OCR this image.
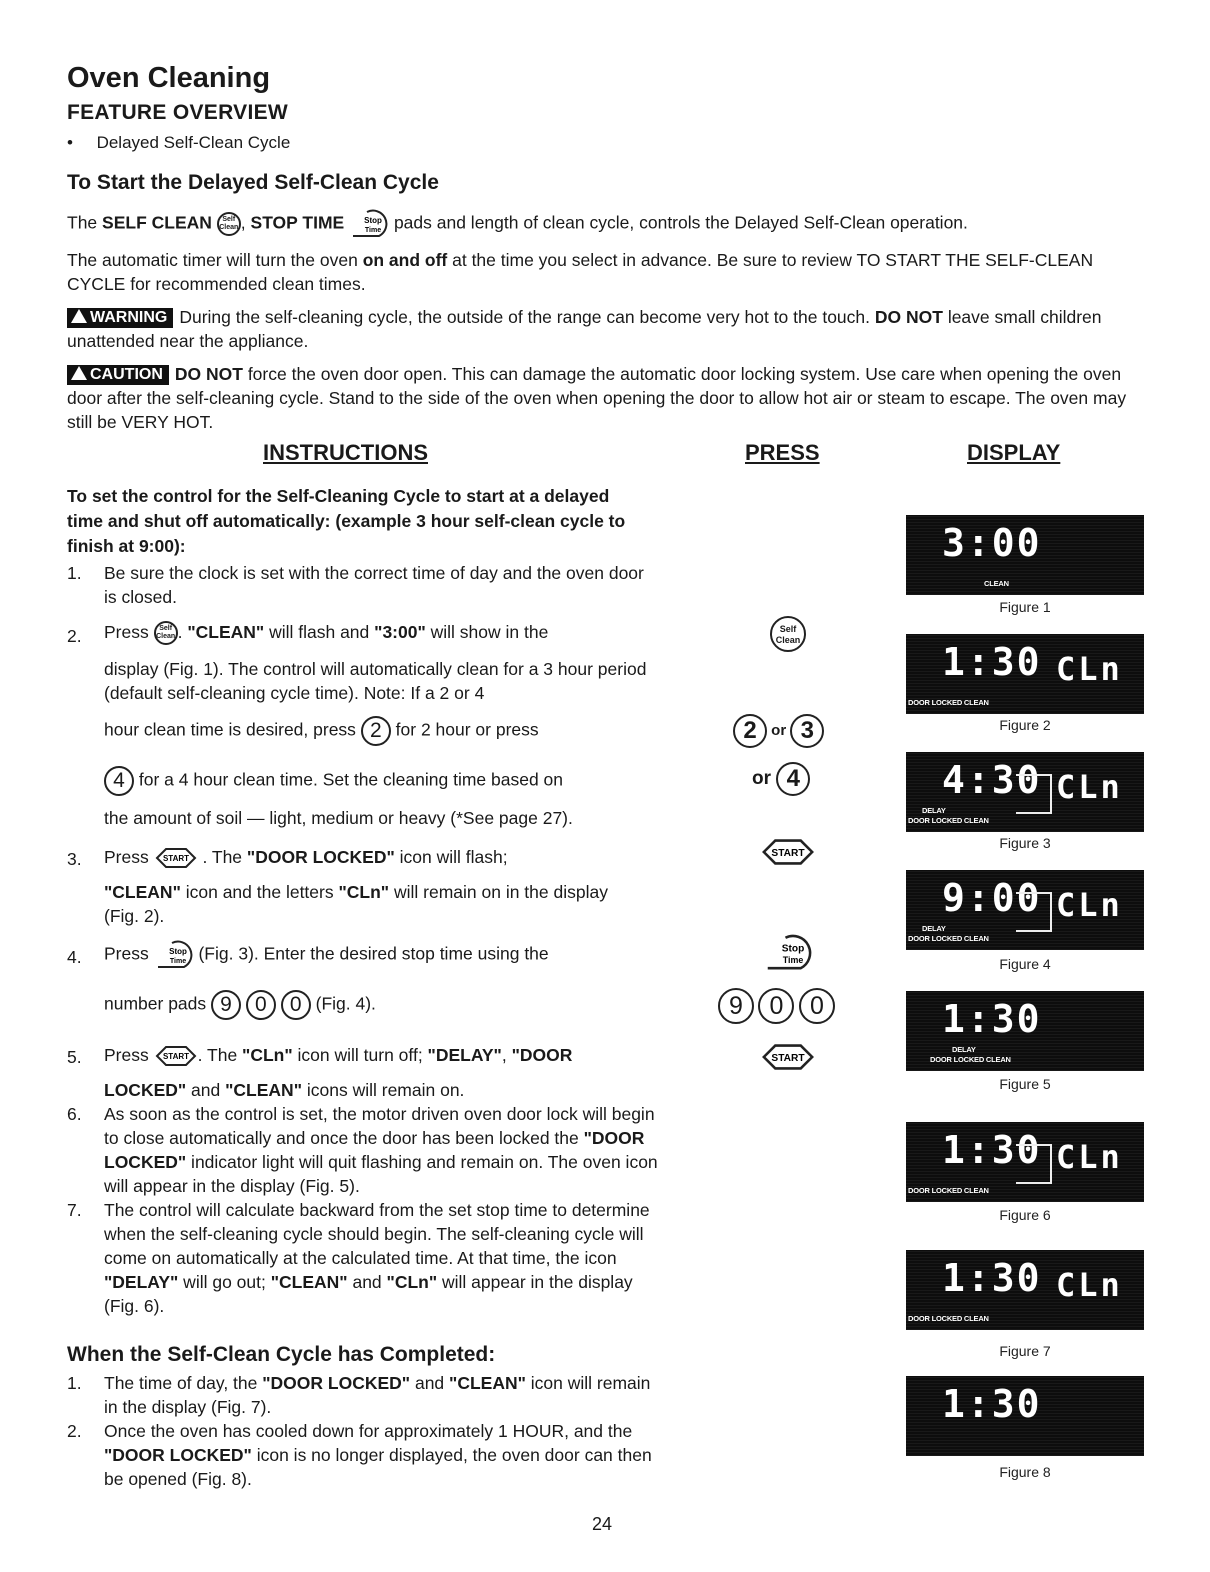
Oven Cleaning
FEATURE OVERVIEW
•     Delayed Self-Clean Cycle
To Start the Delayed Self-Clean Cycle
The SELF CLEAN Self
Clean , STOP TIME Stop
Time pads and length of clean cycle, controls the Delayed Self-Clean operation.
The automatic timer will turn the oven on and off at the time you select in advance. Be sure to review TO START THE SELF-CLEAN CYCLE for recommended clean times.
WARNING During the self-cleaning cycle, the outside of the range can become very hot to the touch. DO NOT leave small children unattended near the appliance.
CAUTION DO NOT force the oven door open. This can damage the automatic door locking system. Use care when opening the oven door after the self-cleaning cycle. Stand to the side of the oven when opening the door to allow hot air or steam to escape. The oven may still be VERY HOT.
INSTRUCTIONS	PRESS	DISPLAY
To set the control for the Self-Cleaning Cycle to start at a delayed time and shut off automatically: (example 3 hour self-clean cycle to finish at 9:00):
1. Be sure the clock is set with the correct time of day and the oven door is closed.
2. Press Self
Clean . "CLEAN" will flash and "3:00" will show in the
display (Fig. 1). The control will automatically clean for a 3 hour period (default self-cleaning cycle time). Note: If a 2 or 4
hour clean time is desired, press 2 for 2 hour or press
4 for a 4 hour clean time. Set the cleaning time based on
the amount of soil — light, medium or heavy (*See page 27).
3. Press START . The "DOOR LOCKED" icon will flash;
"CLEAN" icon and the letters "CLn" will remain on in the display (Fig. 2).
4. Press Stop
Time (Fig. 3). Enter the desired stop time using the
number pads 9 0 0 (Fig. 4).
5. Press START . The "CLn" icon will turn off; "DELAY", "DOOR
LOCKED" and "CLEAN" icons will remain on.
6. As soon as the control is set, the motor driven oven door lock will begin to close automatically and once the door has been locked the "DOOR LOCKED" indicator light will quit flashing and remain on. The oven icon will appear in the display (Fig. 5).
7. The control will calculate backward from the set stop time to determine when the self-cleaning cycle should begin. The self-cleaning cycle will come on automatically at the calculated time. At that time, the icon "DELAY" will go out; "CLEAN" and "CLn" will appear in the display (Fig. 6).
When the Self-Clean Cycle has Completed:
1. The time of day, the "DOOR LOCKED" and "CLEAN" icon will remain in the display (Fig. 7).
2. Once the oven has cooled down for approximately 1 HOUR, and the "DOOR LOCKED" icon is no longer displayed, the oven door can then be opened (Fig. 8).
Self
Clean
2 or 3
or 4
START
Stop
Time
9 0 0
START
3:00
CLEAN
Figure 1
1:30 CLn
DOOR LOCKED CLEAN
Figure 2
4:30 CLn
DELAY
DOOR LOCKED CLEAN
Figure 3
9:00 CLn
DELAY
DOOR LOCKED CLEAN
Figure 4
1:30
DELAY
DOOR LOCKED CLEAN
Figure 5
1:30 CLn
DOOR LOCKED CLEAN
Figure 6
1:30 CLn
DOOR LOCKED CLEAN
Figure 7
1:30
Figure 8
24
